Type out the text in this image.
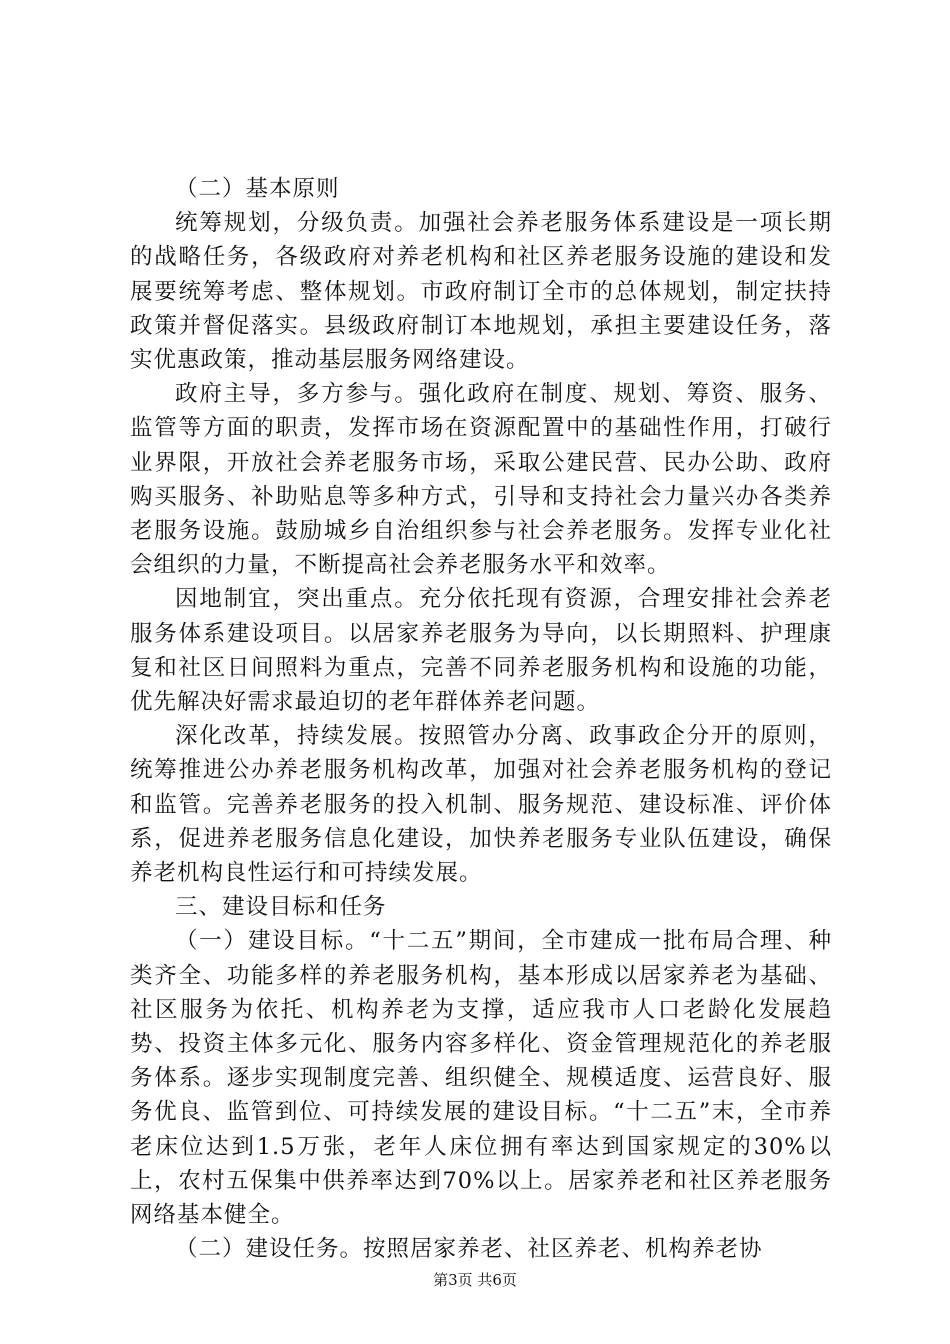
（二）基本原则

统筹规划，分级负责。加强社会养老服务体系建设是一项长期的战略任务，各级政府对养老机构和社区养老服务设施的建设和发展要统筹考虑、整体规划。市政府制订全市的总体规划，制定扶持政策并督促落实。县级政府制订本地规划，承担主要建设任务，落实优惠政策，推动基层服务网络建设。

政府主导，多方参与。强化政府在制度、规划、筹资、服务、监管等方面的职责，发挥市场在资源配置中的基础性作用，打破行业界限，开放社会养老服务市场，采取公建民营、民办公助、政府购买服务、补助贴息等多种方式，引导和支持社会力量兴办各类养老服务设施。鼓励城乡自治组织参与社会养老服务。发挥专业化社会组织的力量，不断提高社会养老服务水平和效率。

因地制宜，突出重点。充分依托现有资源，合理安排社会养老服务体系建设项目。以居家养老服务为导向，以长期照料、护理康复和社区日间照料为重点，完善不同养老服务机构和设施的功能，优先解决好需求最迫切的老年群体养老问题。

深化改革，持续发展。按照管办分离、政事政企分开的原则，统筹推进公办养老服务机构改革，加强对社会养老服务机构的登记和监管。完善养老服务的投入机制、服务规范、建设标准、评价体系，促进养老服务信息化建设，加快养老服务专业队伍建设，确保养老机构良性运行和可持续发展。

三、建设目标和任务

（一）建设目标。“十二五”期间，全市建成一批布局合理、种类齐全、功能多样的养老服务机构，基本形成以居家养老为基础、社区服务为依托、机构养老为支撑，适应我市人口老龄化发展趋势、投资主体多元化、服务内容多样化、资金管理规范化的养老服务体系。逐步实现制度完善、组织健全、规模适度、运营良好、服务优良、监管到位、可持续发展的建设目标。“十二五”末，全市养老床位达到1.5万张，老年人床位拥有率达到国家规定的30%以上，农村五保集中供养率达到70%以上。居家养老和社区养老服务网络基本健全。

（二）建设任务。按照居家养老、社区养老、机构养老协

第3页 共6页
